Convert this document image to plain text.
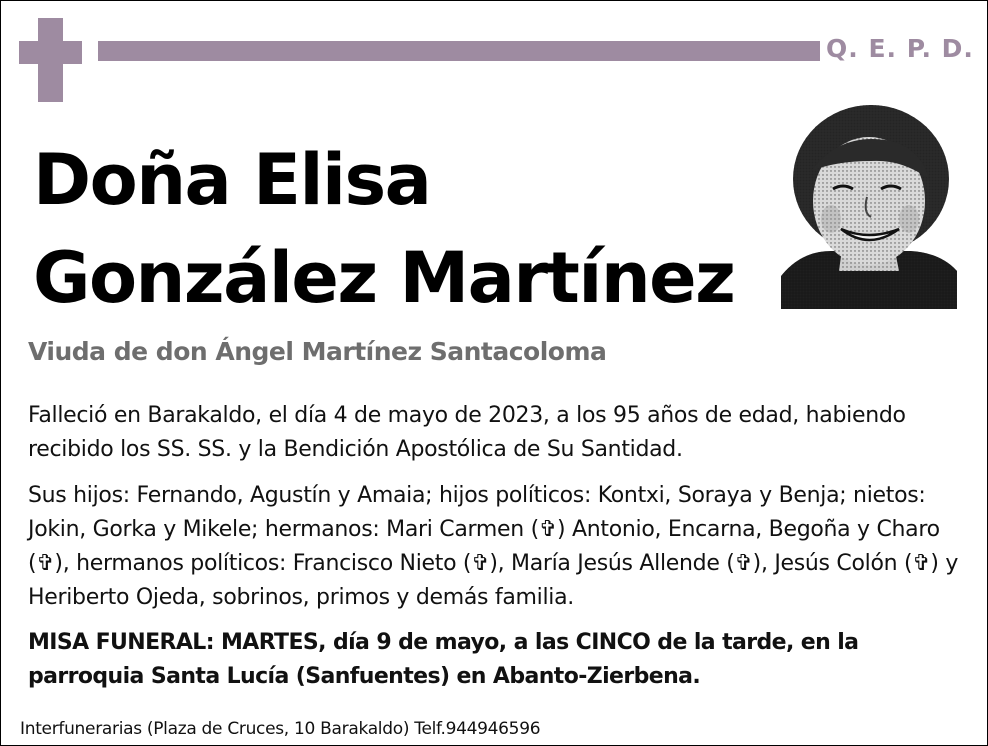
Q. E. P. D.
Doña Elisa
González Martínez
Viuda de don Ángel Martínez Santacoloma
Falleció en Barakaldo, el día 4 de mayo de 2023, a los 95 años de edad, habiendo recibido los SS. SS. y la Bendición Apostólica de Su Santidad.
Sus hijos: Fernando, Agustín y Amaia; hijos políticos: Kontxi, Soraya y Benja; nietos: Jokin, Gorka y Mikele; hermanos: Mari Carmen (✞) Antonio, Encarna, Begoña y Charo (✞), hermanos políticos: Francisco Nieto (✞), María Jesús Allende (✞), Jesús Colón (✞) y Heriberto Ojeda, sobrinos, primos y demás familia.
MISA FUNERAL: MARTES, día 9 de mayo, a las CINCO de la tarde, en la parroquia Santa Lucía (Sanfuentes) en Abanto-Zierbena.
Interfunerarias (Plaza de Cruces, 10 Barakaldo) Telf.944946596
